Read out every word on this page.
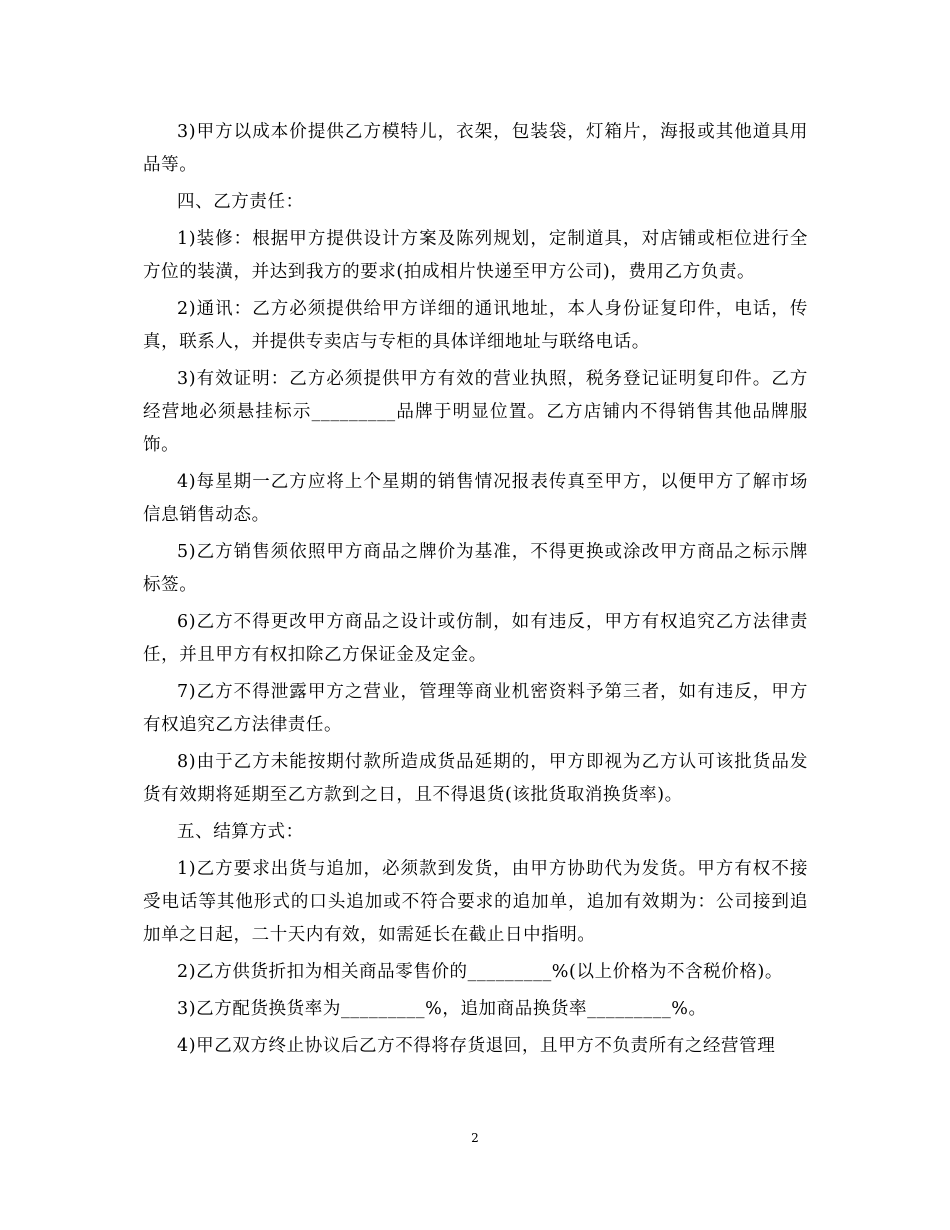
3)甲方以成本价提供乙方模特儿，衣架，包装袋，灯箱片，海报或其他道具用品等。

四、乙方责任：

1)装修：根据甲方提供设计方案及陈列规划，定制道具，对店铺或柜位进行全方位的装潢，并达到我方的要求(拍成相片快递至甲方公司)，费用乙方负责。

2)通讯：乙方必须提供给甲方详细的通讯地址，本人身份证复印件，电话，传真，联系人，并提供专卖店与专柜的具体详细地址与联络电话。

3)有效证明：乙方必须提供甲方有效的营业执照，税务登记证明复印件。乙方经营地必须悬挂标示_________品牌于明显位置。乙方店铺内不得销售其他品牌服饰。

4)每星期一乙方应将上个星期的销售情况报表传真至甲方，以便甲方了解市场信息销售动态。

5)乙方销售须依照甲方商品之牌价为基准，不得更换或涂改甲方商品之标示牌标签。

6)乙方不得更改甲方商品之设计或仿制，如有违反，甲方有权追究乙方法律责任，并且甲方有权扣除乙方保证金及定金。

7)乙方不得泄露甲方之营业，管理等商业机密资料予第三者，如有违反，甲方有权追究乙方法律责任。

8)由于乙方未能按期付款所造成货品延期的，甲方即视为乙方认可该批货品发货有效期将延期至乙方款到之日，且不得退货(该批货取消换货率)。

五、结算方式：

1)乙方要求出货与追加，必须款到发货，由甲方协助代为发货。甲方有权不接受电话等其他形式的口头追加或不符合要求的追加单，追加有效期为：公司接到追加单之日起，二十天内有效，如需延长在截止日中指明。

2)乙方供货折扣为相关商品零售价的_________%(以上价格为不含税价格)。

3)乙方配货换货率为_________%，追加商品换货率_________%。

4)甲乙双方终止协议后乙方不得将存货退回，且甲方不负责所有之经营管理

2
